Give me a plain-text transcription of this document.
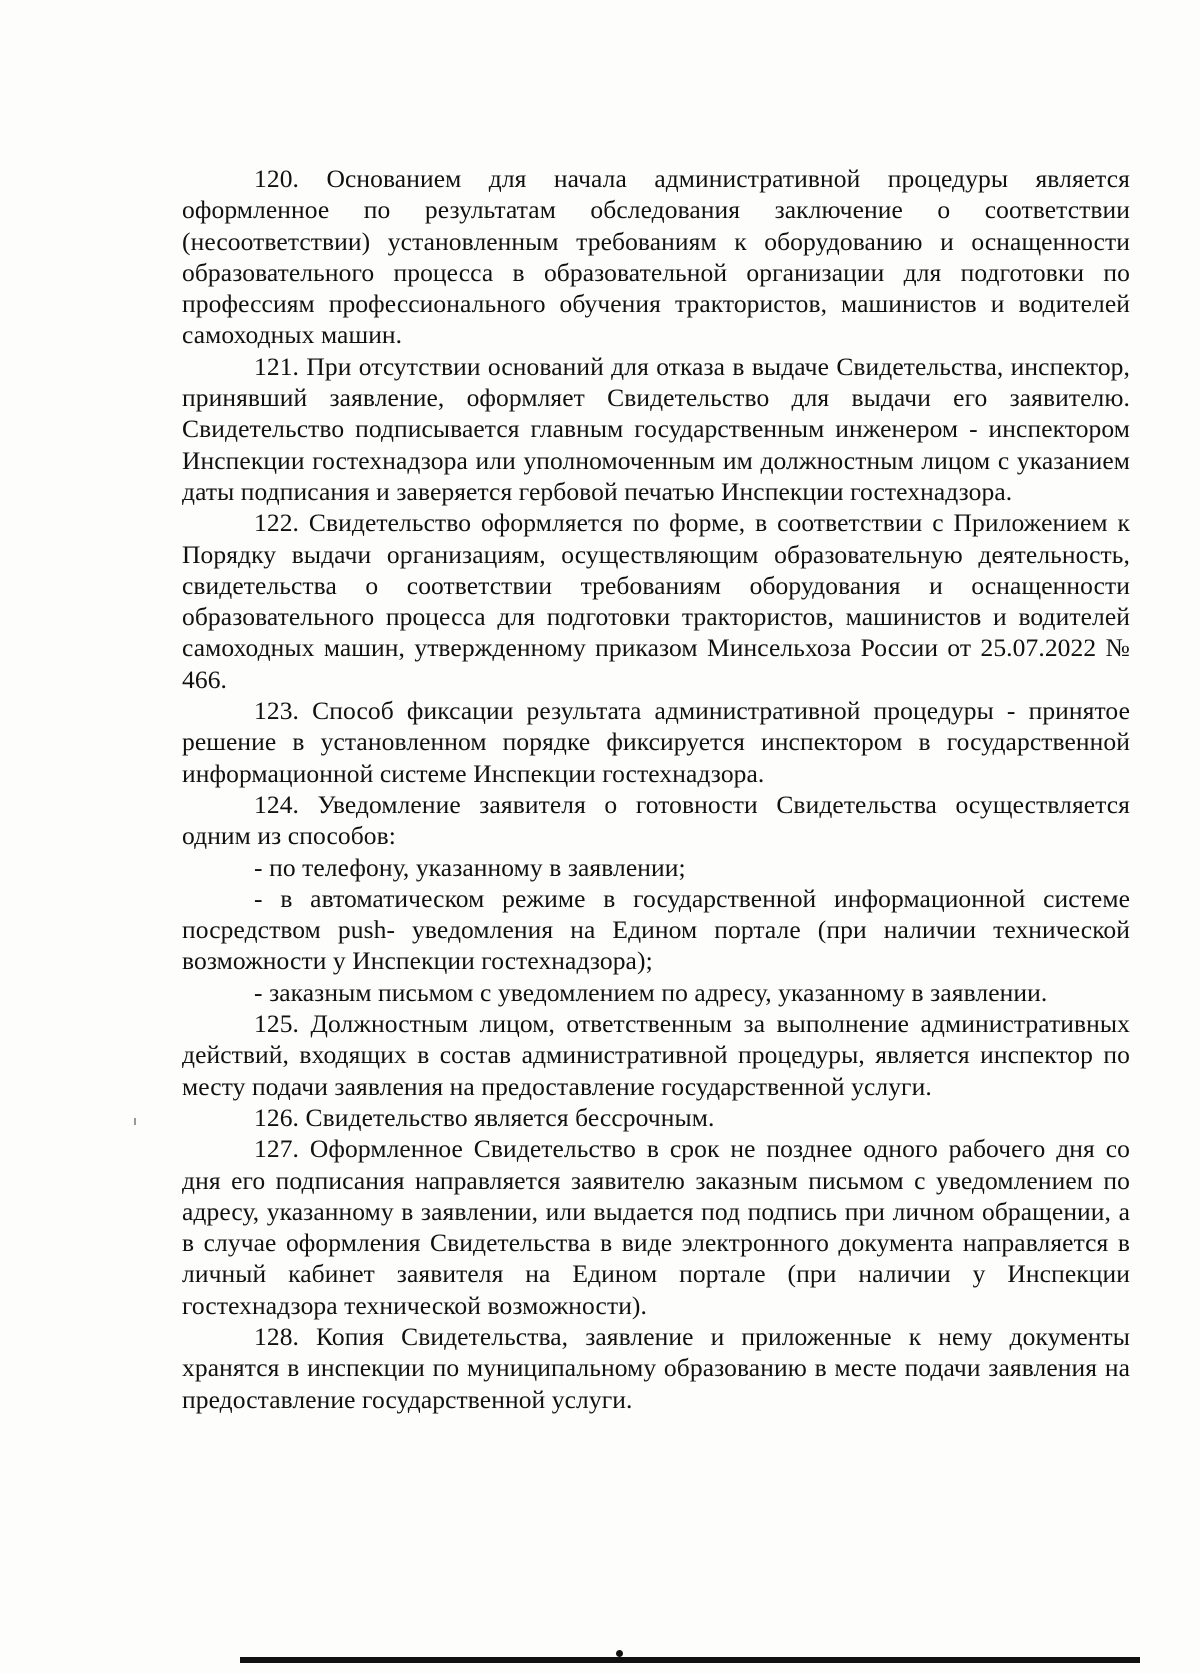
120. Основанием для начала административной процедуры является оформленное по результатам обследования заключение о соответствии (несоответствии) установленным требованиям к оборудованию и оснащенности образовательного процесса в образовательной организации для подготовки по профессиям профессионального обучения трактористов, машинистов и водителей самоходных машин.

121. При отсутствии оснований для отказа в выдаче Свидетельства, инспектор, принявший заявление, оформляет Свидетельство для выдачи его заявителю. Свидетельство подписывается главным государственным инженером - инспектором Инспекции гостехнадзора или уполномоченным им должностным лицом с указанием даты подписания и заверяется гербовой печатью Инспекции гостехнадзора.

122. Свидетельство оформляется по форме, в соответствии с Приложением к Порядку выдачи организациям, осуществляющим образовательную деятельность, свидетельства о соответствии требованиям оборудования и оснащенности образовательного процесса для подготовки трактористов, машинистов и водителей самоходных машин, утвержденному приказом Минсельхоза России от 25.07.2022 № 466.

123. Способ фиксации результата административной процедуры - принятое решение в установленном порядке фиксируется инспектором в государственной информационной системе Инспекции гостехнадзора.

124. Уведомление заявителя о готовности Свидетельства осуществляется одним из способов:

- по телефону, указанному в заявлении;

- в автоматическом режиме в государственной информационной системе посредством push- уведомления на Едином портале (при наличии технической возможности у Инспекции гостехнадзора);

- заказным письмом с уведомлением по адресу, указанному в заявлении.

125. Должностным лицом, ответственным за выполнение административных действий, входящих в состав административной процедуры, является инспектор по месту подачи заявления на предоставление государственной услуги.

126. Свидетельство является бессрочным.

127. Оформленное Свидетельство в срок не позднее одного рабочего дня со дня его подписания направляется заявителю заказным письмом с уведомлением по адресу, указанному в заявлении, или выдается под подпись при личном обращении, а в случае оформления Свидетельства в виде электронного документа направляется в личный кабинет заявителя на Едином портале (при наличии у Инспекции гостехнадзора технической возможности).

128. Копия Свидетельства, заявление и приложенные к нему документы хранятся в инспекции по муниципальному образованию в месте подачи заявления на предоставление государственной услуги.
